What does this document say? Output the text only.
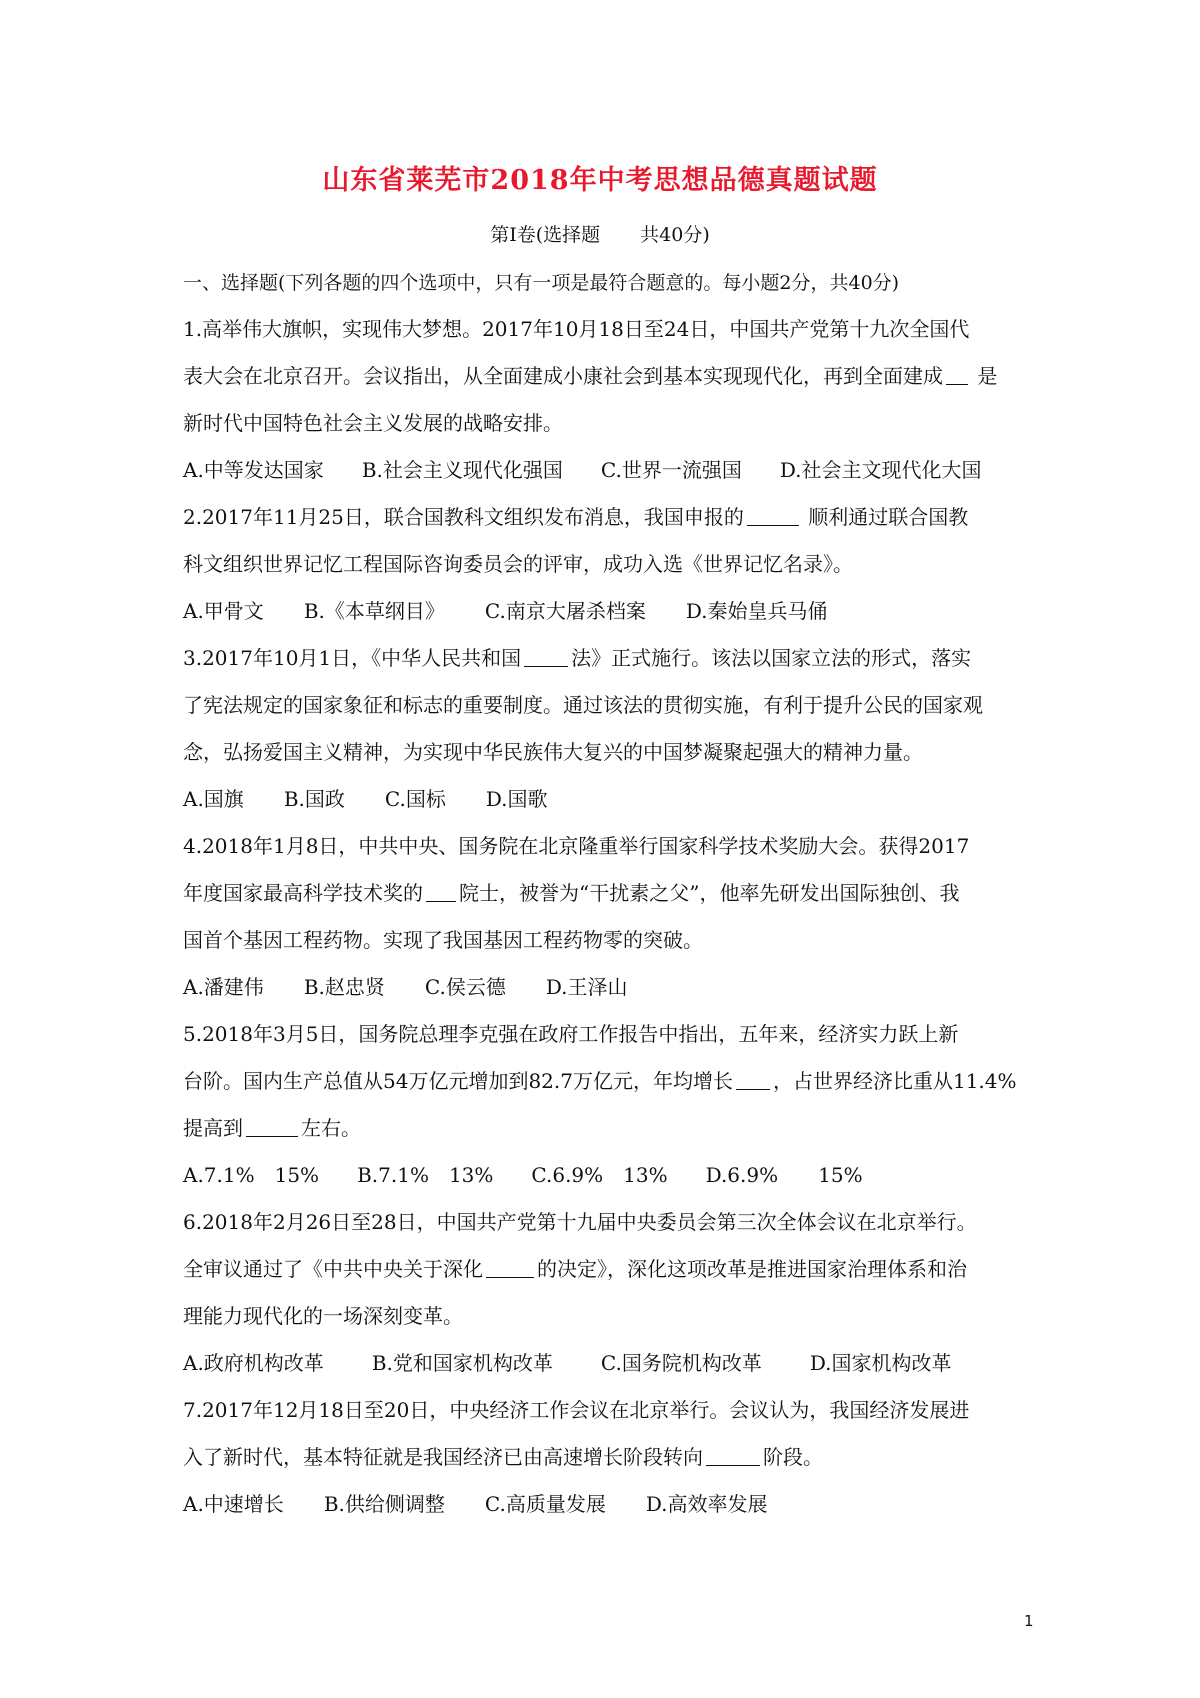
山东省莱芜市2018年中考思想品德真题试题
第Ⅰ卷(选择题 共40分)
一、选择题(下列各题的四个选项中，只有一项是最符合题意的。每小题2分，共40分)
1.高举伟大旗帜，实现伟大梦想。2017年10月18日至24日，中国共产党第十九次全国代
表大会在北京召开。会议指出，从全面建成小康社会到基本实现现代化，再到全面建成 是
新时代中国特色社会主义发展的战略安排。
A.中等发达国家 B.社会主义现代化强国 C.世界一流强国 D.社会主文现代化大国
2.2017年11月25日，联合国教科文组织发布消息，我国申报的	顺利通过联合国教
科文组织世界记忆工程国际咨询委员会的评审，成功入选《世界记忆名录》。
A.甲骨文 B.《本草纲目》 C.南京大屠杀档案 D.秦始皇兵马俑
3.2017年10月1日，《中华人民共和国	法》正式施行。该法以国家立法的形式，落实
了宪法规定的国家象征和标志的重要制度。通过该法的贯彻实施，有利于提升公民的国家观
念，弘扬爱国主义精神，为实现中华民族伟大复兴的中国梦凝聚起强大的精神力量。
A.国旗 B.国政 C.国标 D.国歌
4.2018年1月8日，中共中央、国务院在北京隆重举行国家科学技术奖励大会。获得2017
年度国家最高科学技术奖的 院士，被誉为“干扰素之父”，他率先研发出国际独创、我
国首个基因工程药物。实现了我国基因工程药物零的突破。
A.潘建伟 B.赵忠贤 C.侯云德 D.王泽山
5.2018年3月5日，国务院总理李克强在政府工作报告中指出，五年来，经济实力跃上新
台阶。国内生产总值从54万亿元增加到82.7万亿元，年均增长 ，占世界经济比重从11.4%
提高到	左右。
A.7.1%　15% B.7.1%　13% C.6.9%　13% D.6.9%　　15%
6.2018年2月26日至28日，中国共产党第十九届中央委员会第三次全体会议在北京举行。
全审议通过了《中共中央关于深化	的决定》，深化这项改革是推进国家治理体系和治
理能力现代化的一场深刻变革。
A.政府机构改革 B.党和国家机构改革 C.国务院机构改革 D.国家机构改革
7.2017年12月18日至20日，中央经济工作会议在北京举行。会议认为，我国经济发展进
入了新时代，基本特征就是我国经济已由高速增长阶段转向	阶段。
A.中速增长 B.供给侧调整 C.高质量发展 D.高效率发展
1
